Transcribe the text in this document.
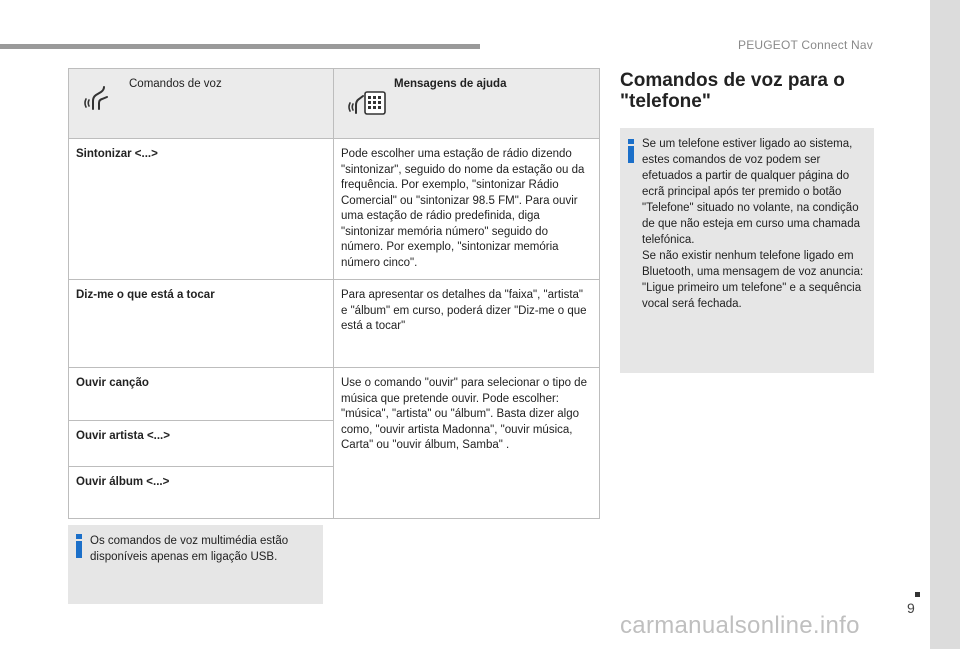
PEUGEOT Connect Nav
Comandos de voz	Mensagens de ajuda

Sintonizar <...>	Pode escolher uma estação de rádio dizendo "sintonizar", seguido do nome da estação ou da frequência. Por exemplo, "sintonizar Rádio Comercial" ou "sintonizar 98.5 FM". Para ouvir uma estação de rádio predefinida, diga "sintonizar memória número" seguido do número. Por exemplo, "sintonizar memória número cinco".
Diz-me o que está a tocar	Para apresentar os detalhes da "faixa", "artista" e "álbum" em curso, poderá dizer "Diz-me o que está a tocar"
Ouvir canção	Use o comando "ouvir" para selecionar o tipo de música que pretende ouvir. Pode escolher: "música", "artista" ou "álbum". Basta dizer algo como, "ouvir artista Madonna", "ouvir música, Carta" ou "ouvir álbum, Samba" .
Ouvir artista <...>	
Ouvir álbum <...>	
Os comandos de voz multimédia estão disponíveis apenas em ligação USB.
Comandos de voz para o "telefone"
Se um telefone estiver ligado ao sistema, estes comandos de voz podem ser efetuados a partir de qualquer página do ecrã principal após ter premido o botão "Telefone" situado no volante, na condição de que não esteja em curso uma chamada telefónica.
Se não existir nenhum telefone ligado em Bluetooth, uma mensagem de voz anuncia: "Ligue primeiro um telefone" e a sequência vocal será fechada.
9
carmanualsonline.info
